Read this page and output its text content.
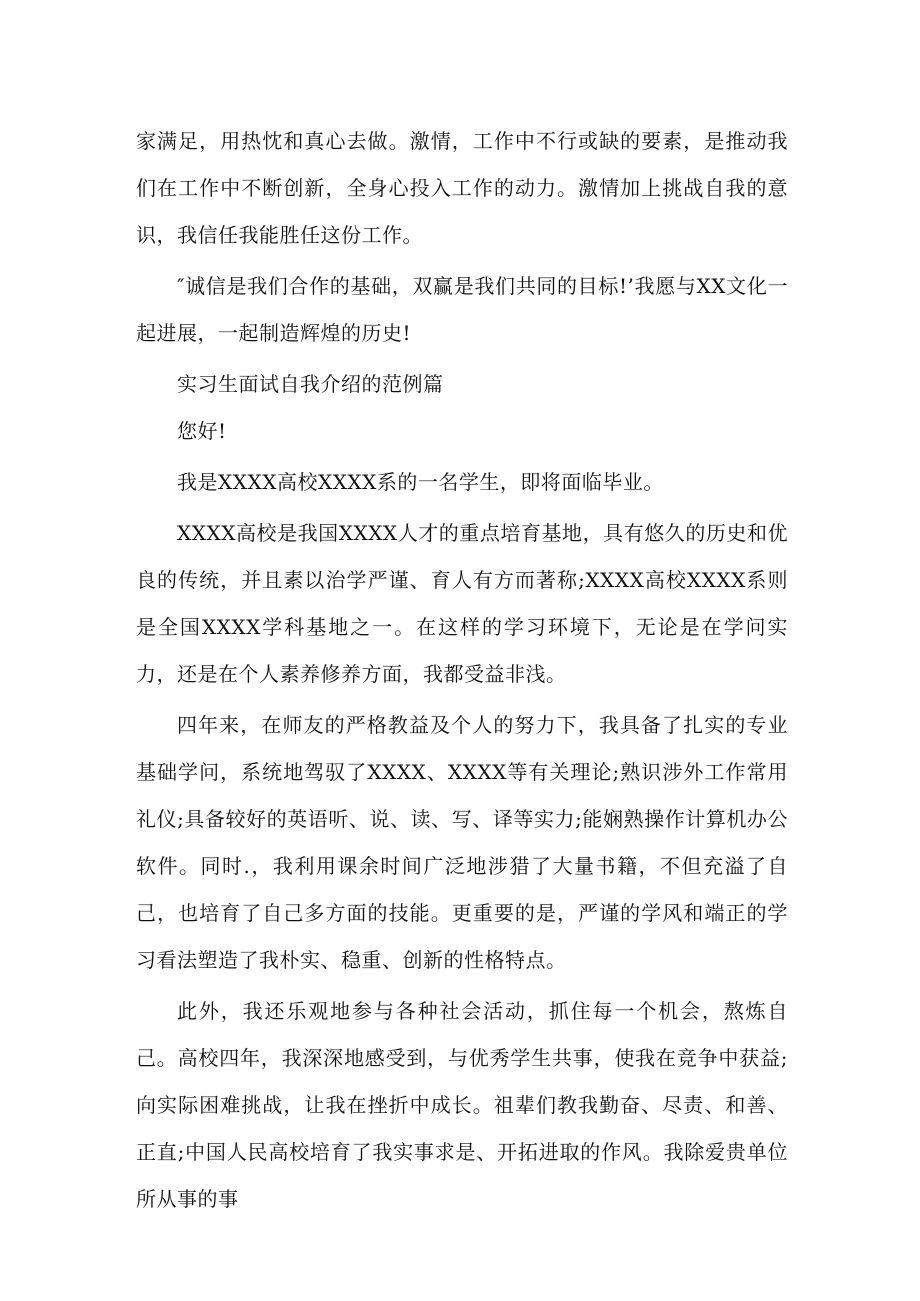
家满足，用热忱和真心去做。激情，工作中不行或缺的要素，是推动我们在工作中不断创新，全身心投入工作的动力。激情加上挑战自我的意识，我信任我能胜任这份工作。

″诚信是我们合作的基础，双赢是我们共同的目标!’我愿与XX文化一起进展，一起制造辉煌的历史!

实习生面试自我介绍的范例篇

您好!

我是XXXX高校XXXX系的一名学生，即将面临毕业。

XXXX高校是我国XXXX人才的重点培育基地，具有悠久的历史和优良的传统，并且素以治学严谨、育人有方而著称;XXXX高校XXXX系则是全国XXXX学科基地之一。在这样的学习环境下，无论是在学问实力，还是在个人素养修养方面，我都受益非浅。

四年来，在师友的严格教益及个人的努力下，我具备了扎实的专业基础学问，系统地驾驭了XXXX、XXXX等有关理论;熟识涉外工作常用礼仪;具备较好的英语听、说、读、写、译等实力;能娴熟操作计算机办公软件。同时.，我利用课余时间广泛地涉猎了大量书籍，不但充溢了自己，也培育了自己多方面的技能。更重要的是，严谨的学风和端正的学习看法塑造了我朴实、稳重、创新的性格特点。

此外，我还乐观地参与各种社会活动，抓住每一个机会，熬炼自己。高校四年，我深深地感受到，与优秀学生共事，使我在竞争中获益;向实际困难挑战，让我在挫折中成长。祖辈们教我勤奋、尽责、和善、正直;中国人民高校培育了我实事求是、开拓进取的作风。我除爱贵单位所从事的事
